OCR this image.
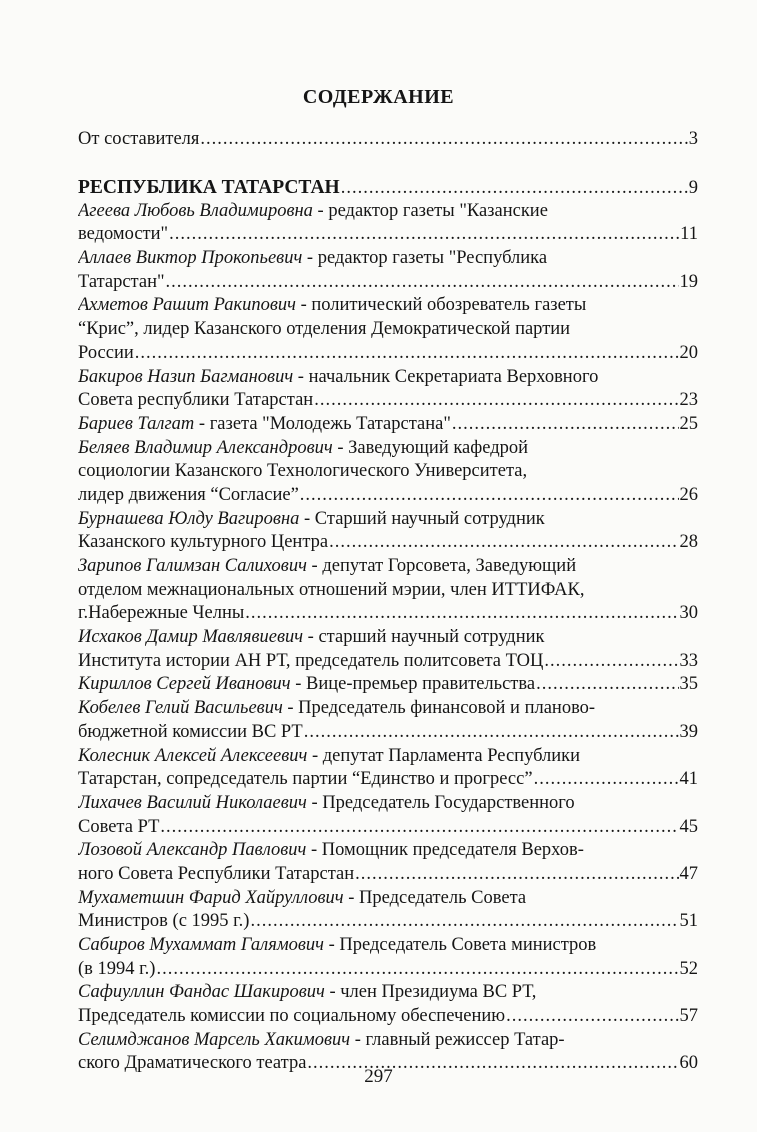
СОДЕРЖАНИЕ
От составителя .....	3
РЕСПУБЛИКА ТАТАРСТАН .....	9
Агеева Любовь Владимировна - редактор газеты "Казанские
ведомости" .....	11
Аллаев Виктор Прокопьевич - редактор газеты "Республика
Татарстан" .....	19
Ахметов Рашит Ракипович - политический обозреватель газеты
“Крис”, лидер Казанского отделения Демократической партии
России .....	20
Бакиров Назип Багманович - начальник Секретариата Верховного
Совета республики Татарстан .....	23
Бариев Талгат - газета "Молодежь Татарстана" .....	25
Беляев Владимир Александрович - Заведующий кафедрой
социологии Казанского Технологического Университета,
лидер движения “Согласие” .....	26
Бурнашева Юлду Вагировна - Старший научный сотрудник
Казанского культурного Центра .....	28
Зарипов Галимзан Салихович - депутат Горсовета, Заведующий
отделом межнациональных отношений мэрии, член ИТТИФАК,
г.Набережные Челны .....	30
Исхаков Дамир Мавлявиевич - старший научный сотрудник
Института истории АН РТ, председатель политсовета ТОЦ .....	33
Кириллов Сергей Иванович - Вице-премьер правительства .....	35
Кобелев Гелий Васильевич - Председатель финансовой и планово-
бюджетной комиссии ВС РТ .....	39
Колесник Алексей Алексеевич - депутат Парламента Республики
Татарстан, сопредседатель партии “Единство и прогресс” .....	41
Лихачев Василий Николаевич - Председатель Государственного
Совета РТ .....	45
Лозовой Александр Павлович - Помощник председателя Верхов-
ного Совета Республики Татарстан .....	47
Мухаметшин Фарид Хайруллович - Председатель Совета
Министров (с 1995 г.) .....	51
Сабиров Мухаммат Галямович - Председатель Совета министров
(в 1994 г.) .....	52
Сафиуллин Фандас Шакирович - член Президиума ВС РТ,
Председатель комиссии по социальному обеспечению .....	57
Селимджанов Марсель Хакимович - главный режиссер Татар-
ского Драматического театра .....	60
297
